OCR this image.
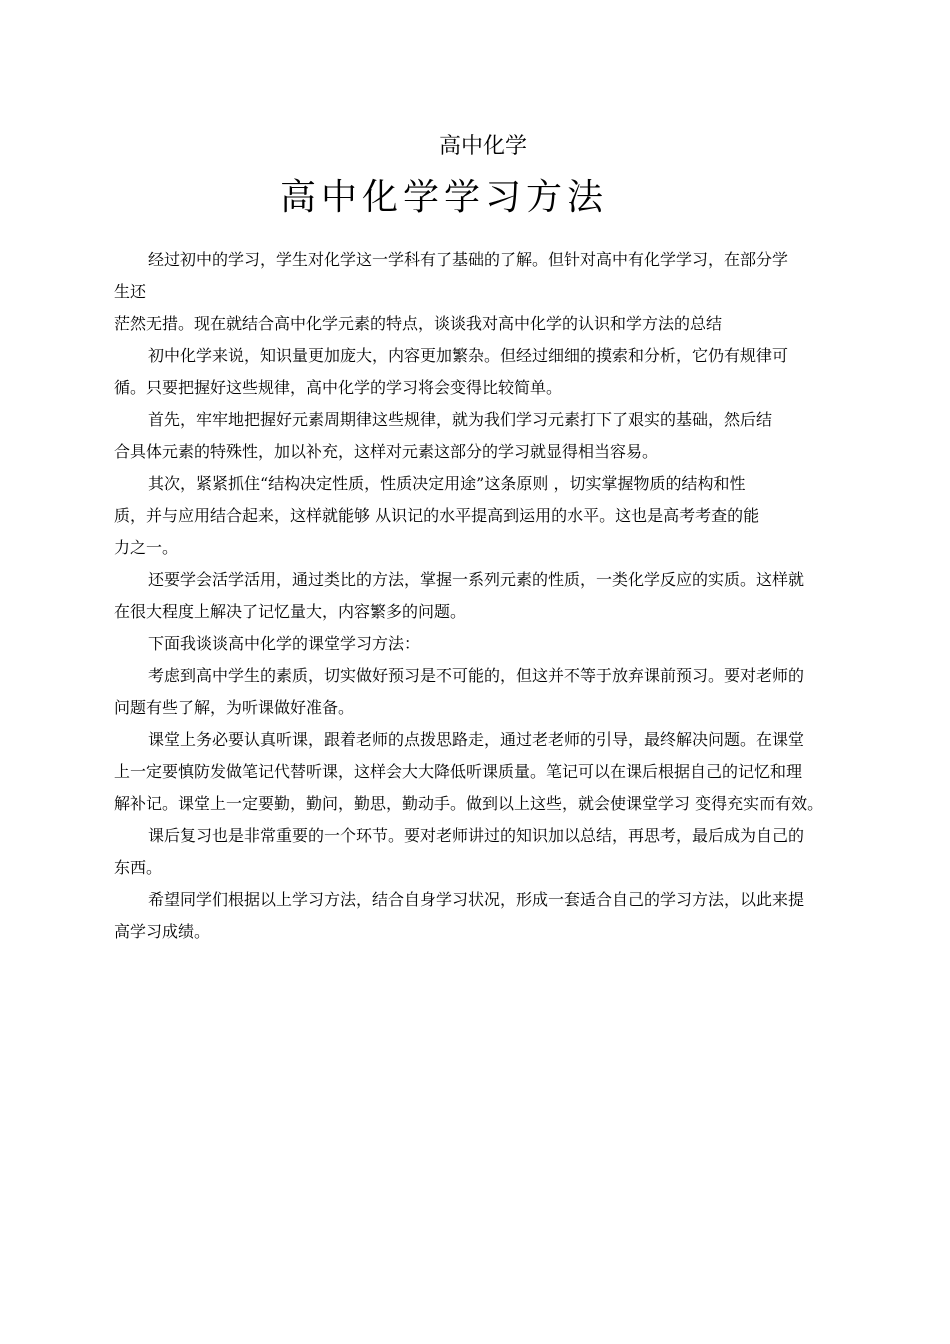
高中化学
高中化学学习方法
经过初中的学习，学生对化学这一学科有了基础的了解。但针对高中有化学学习，在部分学
生还
茫然无措。现在就结合高中化学元素的特点，谈谈我对高中化学的认识和学方法的总结
初中化学来说，知识量更加庞大，内容更加繁杂。但经过细细的摸索和分析，它仍有规律可
循。只要把握好这些规律，高中化学的学习将会变得比较简单。
首先，牢牢地把握好元素周期律这些规律，就为我们学习元素打下了艰实的基础，然后结
合具体元素的特殊性，加以补充，这样对元素这部分的学习就显得相当容易。
其次，紧紧抓住“结构决定性质，性质决定用途”这条原则 ，切实掌握物质的结构和性
质，并与应用结合起来，这样就能够 从识记的水平提高到运用的水平。这也是高考考查的能
力之一。
还要学会活学活用，通过类比的方法，掌握一系列元素的性质，一类化学反应的实质。这样就
在很大程度上解决了记忆量大，内容繁多的问题。
下面我谈谈高中化学的课堂学习方法：
考虑到高中学生的素质，切实做好预习是不可能的，但这并不等于放弃课前预习。要对老师的
问题有些了解，为听课做好准备。
课堂上务必要认真听课，跟着老师的点拨思路走，通过老老师的引导，最终解决问题。在课堂
上一定要慎防发做笔记代替听课，这样会大大降低听课质量。笔记可以在课后根据自己的记忆和理
解补记。课堂上一定要勤，勤问，勤思，勤动手。做到以上这些，就会使课堂学习 变得充实而有效。
课后复习也是非常重要的一个环节。要对老师讲过的知识加以总结，再思考，最后成为自己的
东西。
希望同学们根据以上学习方法，结合自身学习状况，形成一套适合自己的学习方法，以此来提
高学习成绩。
